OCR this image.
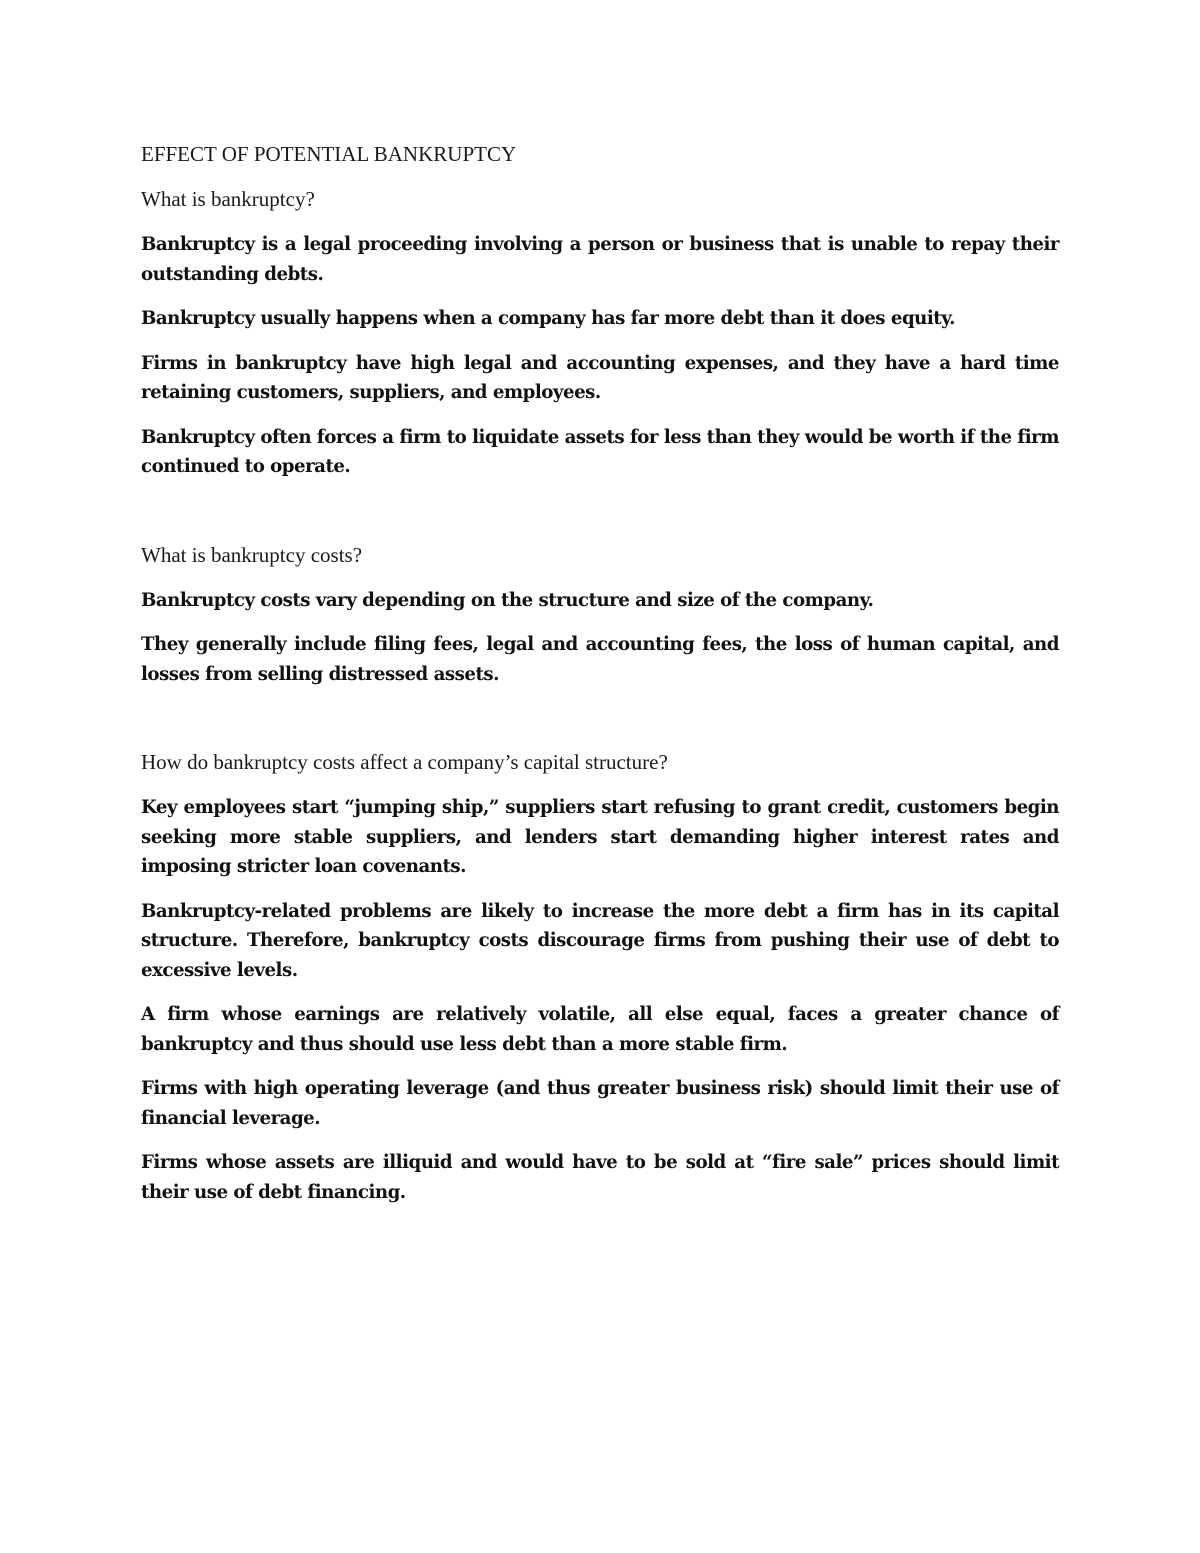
EFFECT OF POTENTIAL BANKRUPTCY
What is bankruptcy?
Bankruptcy is a legal proceeding involving a person or business that is unable to repay their outstanding debts.
Bankruptcy usually happens when a company has far more debt than it does equity.
Firms in bankruptcy have high legal and accounting expenses, and they have a hard time retaining customers, suppliers, and employees.
Bankruptcy often forces a firm to liquidate assets for less than they would be worth if the firm continued to operate.
What is bankruptcy costs?
Bankruptcy costs vary depending on the structure and size of the company.
They generally include filing fees, legal and accounting fees, the loss of human capital, and losses from selling distressed assets.
How do bankruptcy costs affect a company’s capital structure?
Key employees start “jumping ship,” suppliers start refusing to grant credit, customers begin seeking more stable suppliers, and lenders start demanding higher interest rates and imposing stricter loan covenants.
Bankruptcy-related problems are likely to increase the more debt a firm has in its capital structure. Therefore, bankruptcy costs discourage firms from pushing their use of debt to excessive levels.
A firm whose earnings are relatively volatile, all else equal, faces a greater chance of bankruptcy and thus should use less debt than a more stable firm.
Firms with high operating leverage (and thus greater business risk) should limit their use of financial leverage.
Firms whose assets are illiquid and would have to be sold at “fire sale” prices should limit their use of debt financing.
